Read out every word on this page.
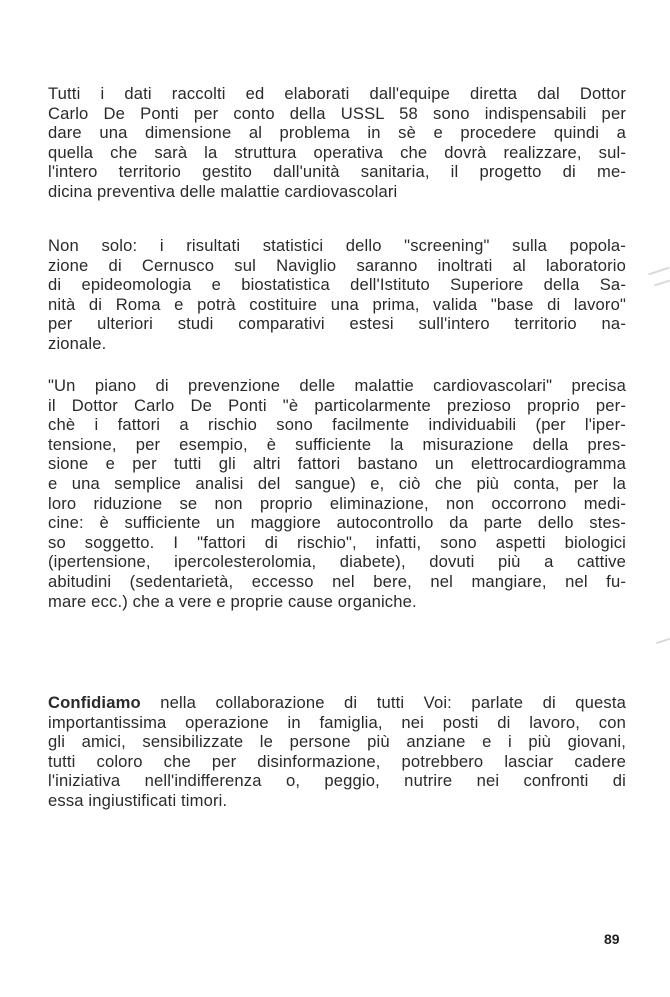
Tutti i dati raccolti ed elaborati dall'equipe diretta dal Dottor
Carlo De Ponti per conto della USSL 58 sono indispensabili per
dare una dimensione al problema in sè e procedere quindi a
quella che sarà la struttura operativa che dovrà realizzare, sul-
l'intero territorio gestito dall'unità sanitaria, il progetto di me-
dicina preventiva delle malattie cardiovascolari
Non solo: i risultati statistici dello "screening" sulla popola-
zione di Cernusco sul Naviglio saranno inoltrati al laboratorio
di epideomologia e biostatistica dell'Istituto Superiore della Sa-
nità di Roma e potrà costituire una prima, valida "base di lavoro"
per ulteriori studi comparativi estesi sull'intero territorio na-
zionale.
"Un piano di prevenzione delle malattie cardiovascolari" precisa
il Dottor Carlo De Ponti "è particolarmente prezioso proprio per-
chè i fattori a rischio sono facilmente individuabili (per l'iper-
tensione, per esempio, è sufficiente la misurazione della pres-
sione e per tutti gli altri fattori bastano un elettrocardiogramma
e una semplice analisi del sangue) e, ciò che più conta, per la
loro riduzione se non proprio eliminazione, non occorrono medi-
cine: è sufficiente un maggiore autocontrollo da parte dello stes-
so soggetto. I "fattori di rischio", infatti, sono aspetti biologici
(ipertensione, ipercolesterolomia, diabete), dovuti più a cattive
abitudini (sedentarietà, eccesso nel bere, nel mangiare, nel fu-
mare ecc.) che a vere e proprie cause organiche.
Confidiamo nella collaborazione di tutti Voi: parlate di questa
importantissima operazione in famiglia, nei posti di lavoro, con
gli amici, sensibilizzate le persone più anziane e i più giovani,
tutti coloro che per disinformazione, potrebbero lasciar cadere
l'iniziativa nell'indifferenza o, peggio, nutrire nei confronti di
essa ingiustificati timori.
89
